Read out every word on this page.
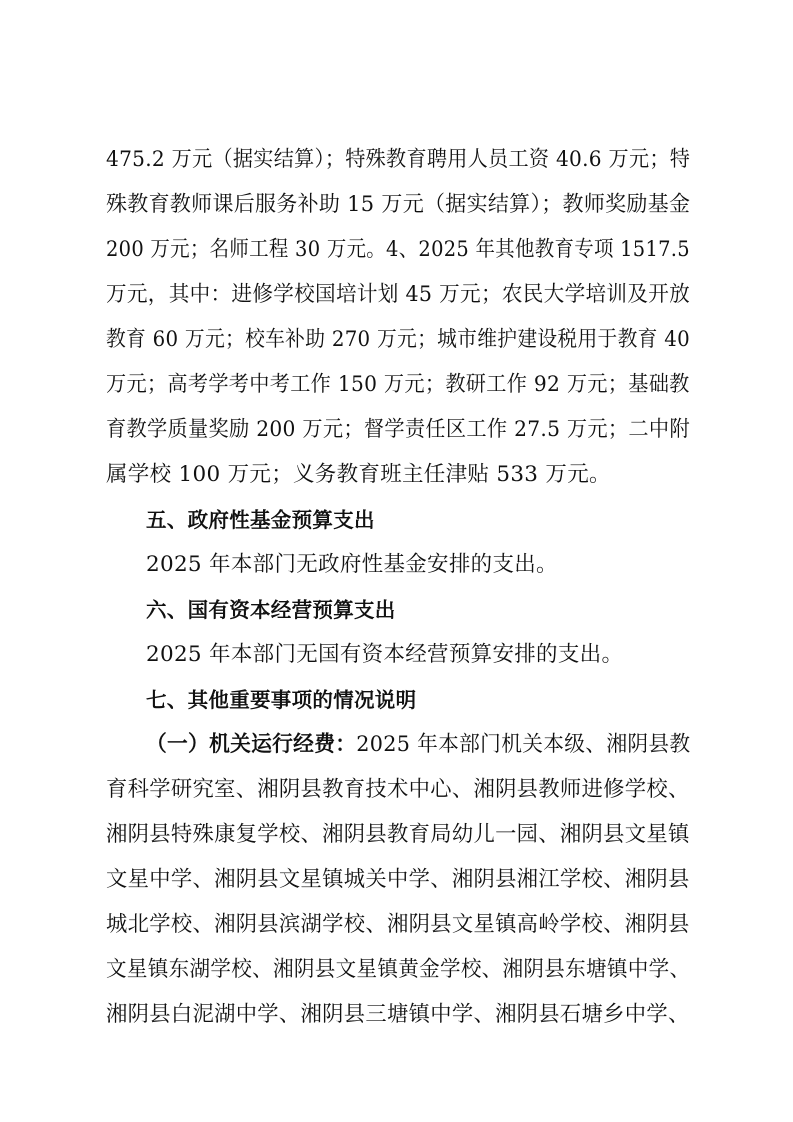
475.2 万元（据实结算）；特殊教育聘用人员工资 40.6 万元；特
殊教育教师课后服务补助 15 万元（据实结算）；教师奖励基金
200 万元；名师工程 30 万元。4、2025 年其他教育专项 1517.5
万元，其中：进修学校国培计划 45 万元；农民大学培训及开放
教育 60 万元；校车补助 270 万元；城市维护建设税用于教育 40
万元；高考学考中考工作 150 万元；教研工作 92 万元；基础教
育教学质量奖励 200 万元；督学责任区工作 27.5 万元；二中附
属学校 100 万元；义务教育班主任津贴 533 万元。
五、政府性基金预算支出
2025 年本部门无政府性基金安排的支出。
六、国有资本经营预算支出
2025 年本部门无国有资本经营预算安排的支出。
七、其他重要事项的情况说明
（一）机关运行经费：2025 年本部门机关本级、湘阴县教
育科学研究室、湘阴县教育技术中心、湘阴县教师进修学校、
湘阴县特殊康复学校、湘阴县教育局幼儿一园、湘阴县文星镇
文星中学、湘阴县文星镇城关中学、湘阴县湘江学校、湘阴县
城北学校、湘阴县滨湖学校、湘阴县文星镇高岭学校、湘阴县
文星镇东湖学校、湘阴县文星镇黄金学校、湘阴县东塘镇中学、
湘阴县白泥湖中学、湘阴县三塘镇中学、湘阴县石塘乡中学、
